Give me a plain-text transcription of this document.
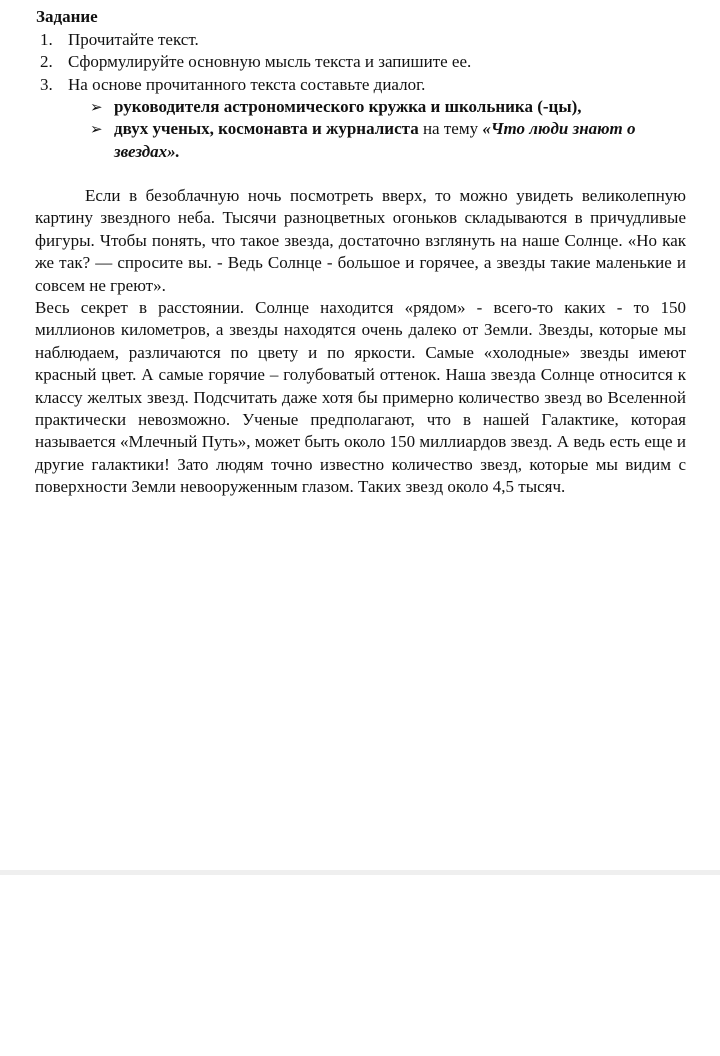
Задание
1. Прочитайте текст.
2. Сформулируйте основную мысль текста и запишите ее.
3. На основе прочитанного текста составьте диалог.
➢ руководителя астрономического кружка и школьника (-цы),
➢ двух ученых, космонавта и журналиста на тему «Что люди знают о звездах».

Если в безоблачную ночь посмотреть вверх, то можно увидеть великолепную картину звездного неба. Тысячи разноцветных огоньков складываются в причудливые фигуры. Чтобы понять, что такое звезда, достаточно взглянуть на наше Солнце. «Но как же так? — спросите вы. - Ведь Солнце - большое и горячее, а звезды такие маленькие и совсем не греют».

Весь секрет в расстоянии. Солнце находится «рядом» - всего-то каких - то 150 миллионов километров, а звезды находятся очень далеко от Земли. Звезды, которые мы наблюдаем, различаются по цвету и по яркости. Самые «холодные» звезды имеют красный цвет. А самые горячие – голубоватый оттенок. Наша звезда Солнце относится к классу желтых звезд. Подсчитать даже хотя бы примерно количество звезд во Вселенной практически невозможно. Ученые предполагают, что в нашей Галактике, которая называется «Млечный Путь», может быть около 150 миллиардов звезд. А ведь есть еще и другие галактики! Зато людям точно известно количество звезд, которые мы видим с поверхности Земли невооруженным глазом. Таких звезд около 4,5 тысяч.
